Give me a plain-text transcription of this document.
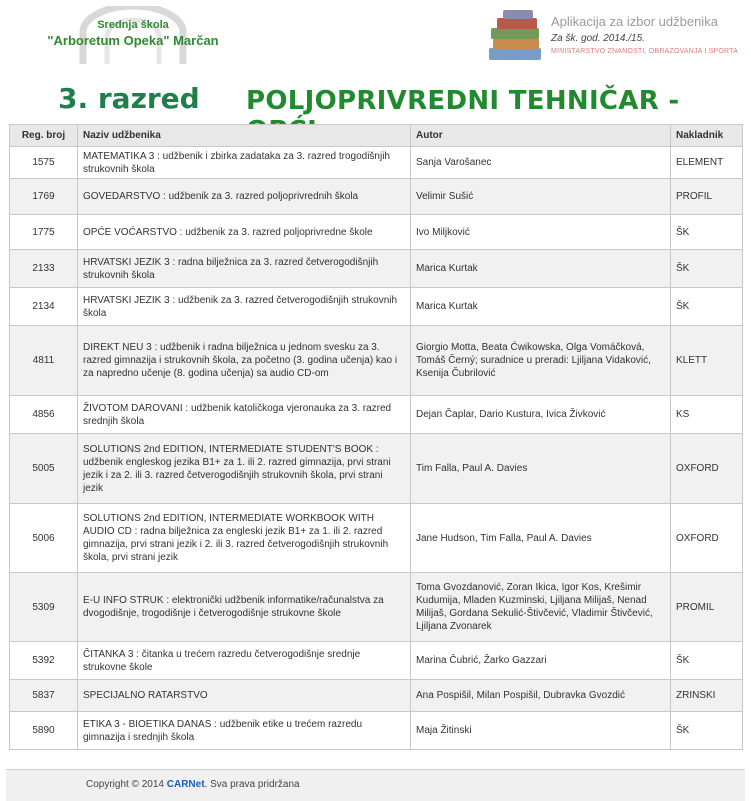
Srednja škola
"Arboretum Opeka" Marčan
Aplikacija za izbor udžbenika
Za šk. god. 2014./15.
MINISTARSTVO ZNANOSTI, OBRAZOVANJA I SPORTA
3. razred POLJOPRIVREDNI TEHNIČAR -
Reg. broj	Naziv udžbenika	Autor	Nakladnik
1575	MATEMATIKA 3 : udžbenik i zbirka zadataka za 3. razred trogodišnjih strukovnih škola	Sanja Varošanec	ELEMENT
1769	GOVEDARSTVO : udžbenik za 3. razred poljoprivrednih škola	Velimir Sušić	PROFIL
1775	OPĆE VOĆARSTVO : udžbenik za 3. razred poljoprivredne škole	Ivo Miljković	ŠK
2133	HRVATSKI JEZIK 3 : radna bilježnica za 3. razred četverogodišnjih strukovnih škola	Marica Kurtak	ŠK
2134	HRVATSKI JEZIK 3 : udžbenik za 3. razred četverogodišnjih strukovnih škola	Marica Kurtak	ŠK
4811	DIREKT NEU 3 : udžbenik i radna bilježnica u jednom svesku za 3. razred gimnazija i strukovnih škola, za početno (3. godina učenja) kao i za napredno učenje (8. godina učenja) sa audio CD-om	Giorgio Motta, Beata Ćwikowska, Olga Vomáčková, Tomáš Černý; suradnice u preradi: Ljiljana Vidaković, Ksenija Čubrilović	KLETT
4856	ŽIVOTOM DAROVANI : udžbenik katoličkoga vjeronauka za 3. razred srednjih škola	Dejan Čaplar, Dario Kustura, Ivica Živković	KS
5005	SOLUTIONS 2nd EDITION, INTERMEDIATE STUDENT'S BOOK : udžbenik engleskog jezika B1+ za 1. ili 2. razred gimnazija, prvi strani jezik i za 2. ili 3. razred četverogodišnjih strukovnih škola, prvi strani jezik	Tim Falla, Paul A. Davies	OXFORD
5006	SOLUTIONS 2nd EDITION, INTERMEDIATE WORKBOOK WITH AUDIO CD : radna bilježnica za engleski jezik B1+ za 1. ili 2. razred gimnazija, prvi strani jezik i 2. ili 3. razred četverogodišnjih strukovnih škola, prvi strani jezik	Jane Hudson, Tim Falla, Paul A. Davies	OXFORD
5309	E-U INFO STRUK : elektronički udžbenik informatike/računalstva za dvogodišnje, trogodišnje i četverogodišnje strukovne škole	Toma Gvozdanović, Zoran Ikica, Igor Kos, Krešimir Kudumija, Mladen Kuzminski, Ljiljana Milijaš, Nenad Milijaš, Gordana Sekulić-Štivčević, Vladimir Štivčević, Ljiljana Zvonarek	PROMIL
5392	ČITANKA 3 : čitanka u trećem razredu četverogodišnje srednje strukovne škole	Marina Čubrić, Žarko Gazzari	ŠK
5837	SPECIJALNO RATARSTVO	Ana Pospišil, Milan Pospišil, Dubravka Gvozdić	ZRINSKI
5890	ETIKA 3 - BIOETIKA DANAS : udžbenik etike u trećem razredu gimnazija i srednjih škola	Maja Žitinski	ŠK
Copyright © 2014 CARNet. Sva prava pridržana
